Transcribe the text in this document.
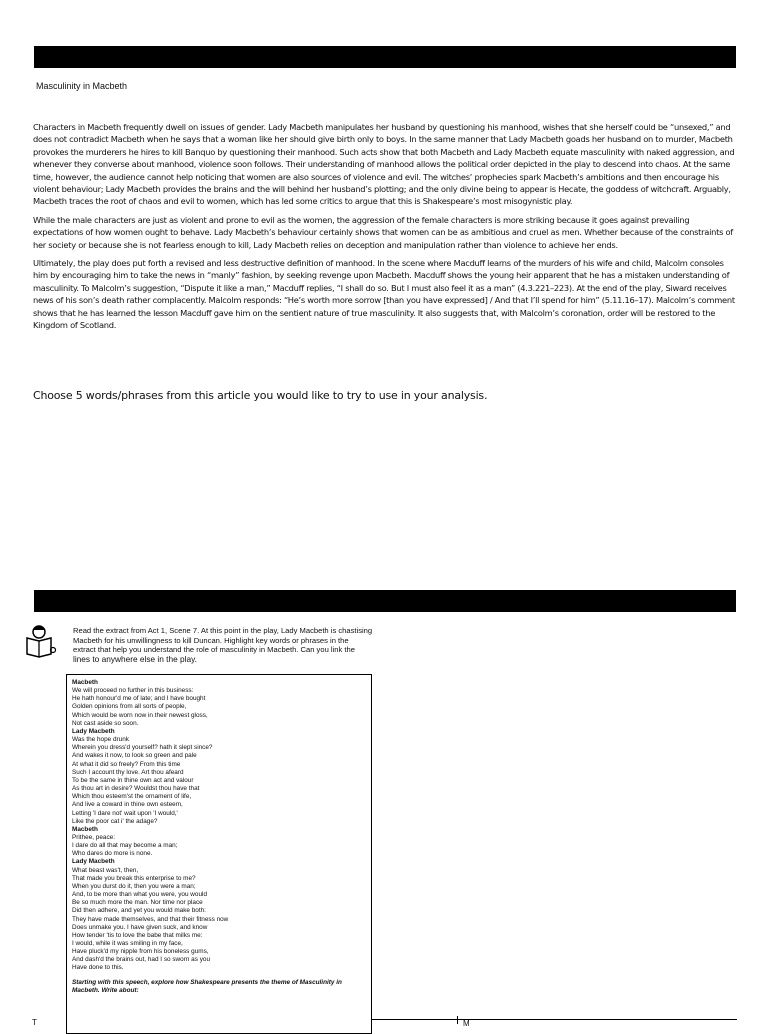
Masculinity in Macbeth

Characters in Macbeth frequently dwell on issues of gender. Lady Macbeth manipulates her husband by questioning his manhood, wishes that she herself could be “unsexed,” and does not contradict Macbeth when he says that a woman like her should give birth only to boys. In the same manner that Lady Macbeth goads her husband on to murder, Macbeth provokes the murderers he hires to kill Banquo by questioning their manhood. Such acts show that both Macbeth and Lady Macbeth equate masculinity with naked aggression, and whenever they converse about manhood, violence soon follows. Their understanding of manhood allows the political order depicted in the play to descend into chaos. At the same time, however, the audience cannot help noticing that women are also sources of violence and evil. The witches’ prophecies spark Macbeth’s ambitions and then encourage his violent behaviour; Lady Macbeth provides the brains and the will behind her husband’s plotting; and the only divine being to appear is Hecate, the goddess of witchcraft. Arguably, Macbeth traces the root of chaos and evil to women, which has led some critics to argue that this is Shakespeare’s most misogynistic play.

While the male characters are just as violent and prone to evil as the women, the aggression of the female characters is more striking because it goes against prevailing expectations of how women ought to behave. Lady Macbeth’s behaviour certainly shows that women can be as ambitious and cruel as men. Whether because of the constraints of her society or because she is not fearless enough to kill, Lady Macbeth relies on deception and manipulation rather than violence to achieve her ends.

Ultimately, the play does put forth a revised and less destructive definition of manhood. In the scene where Macduff learns of the murders of his wife and child, Malcolm consoles him by encouraging him to take the news in “manly” fashion, by seeking revenge upon Macbeth. Macduff shows the young heir apparent that he has a mistaken understanding of masculinity. To Malcolm’s suggestion, “Dispute it like a man,” Macduff replies, “I shall do so. But I must also feel it as a man” (4.3.221–223). At the end of the play, Siward receives news of his son’s death rather complacently. Malcolm responds: “He’s worth more sorrow [than you have expressed] / And that I’ll spend for him” (5.11.16–17). Malcolm’s comment shows that he has learned the lesson Macduff gave him on the sentient nature of true masculinity. It also suggests that, with Malcolm’s coronation, order will be restored to the Kingdom of Scotland.

Choose 5 words/phrases from this article you would like to try to use in your analysis.
Read the extract from Act 1, Scene 7. At this point in the play, Lady Macbeth is chastising Macbeth for his unwillingness to kill Duncan. Highlight key words or phrases in the extract that help you understand the role of masculinity in Macbeth. Can you link the lines to anywhere else in the play.
Macbeth
We will proceed no further in this business:
He hath honour'd me of late; and I have bought
Golden opinions from all sorts of people,
Which would be worn now in their newest gloss,
Not cast aside so soon.
Lady Macbeth
Was the hope drunk
Wherein you dress'd yourself? hath it slept since?
And wakes it now, to look so green and pale
At what it did so freely? From this time
Such I account thy love. Art thou afeard
To be the same in thine own act and valour
As thou art in desire? Wouldst thou have that
Which thou esteem'st the ornament of life,
And live a coward in thine own esteem,
Letting 'I dare not' wait upon 'I would,'
Like the poor cat i' the adage?
Macbeth
Prithee, peace:
I dare do all that may become a man;
Who dares do more is none.
Lady Macbeth
What beast was't, then,
That made you break this enterprise to me?
When you durst do it, then you were a man;
And, to be more than what you were, you would
Be so much more the man. Nor time nor place
Did then adhere, and yet you would make both:
They have made themselves, and that their fitness now
Does unmake you. I have given suck, and know
How tender 'tis to love the babe that milks me:
I would, while it was smiling in my face,
Have pluck'd my nipple from his boneless gums,
And dash'd the brains out, had I so sworn as you
Have done to this.
Starting with this speech, explore how Shakespeare presents the theme of Masculinity in Macbeth. Write about:
T	M
